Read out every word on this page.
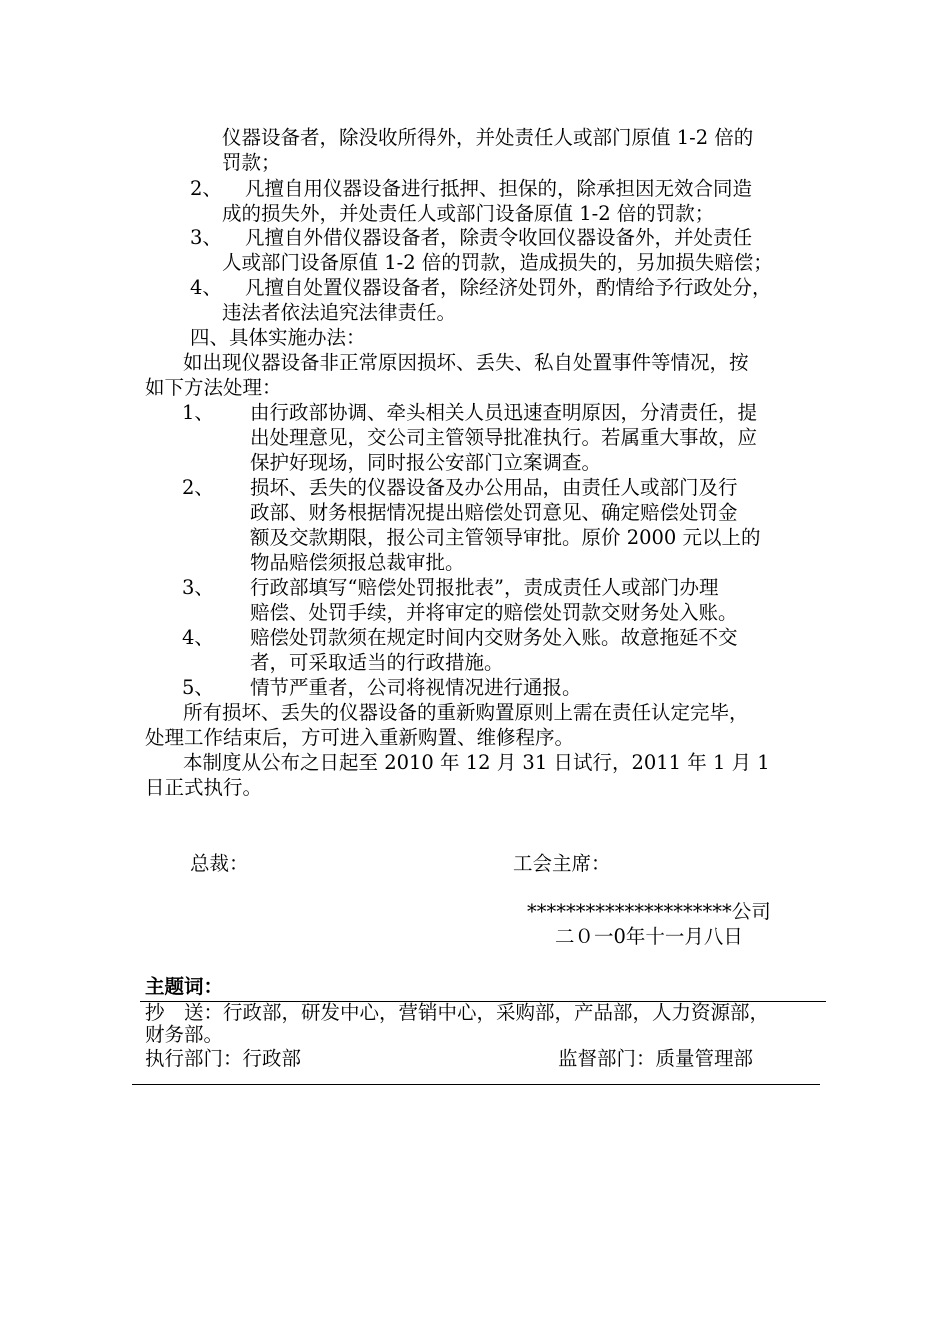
仪器设备者，除没收所得外，并处责任人或部门原值 1-2 倍的
罚款；
2、 凡擅自用仪器设备进行抵押、担保的，除承担因无效合同造
成的损失外，并处责任人或部门设备原值 1-2 倍的罚款；
3、 凡擅自外借仪器设备者，除责令收回仪器设备外，并处责任
人或部门设备原值 1-2 倍的罚款，造成损失的，另加损失赔偿；
4、 凡擅自处置仪器设备者，除经济处罚外，酌情给予行政处分，
违法者依法追究法律责任。
四、具体实施办法：
如出现仪器设备非正常原因损坏、丢失、私自处置事件等情况，按
如下方法处理：
1、 由行政部协调、牵头相关人员迅速查明原因，分清责任，提
出处理意见，交公司主管领导批准执行。若属重大事故，应
保护好现场，同时报公安部门立案调查。
2、 损坏、丢失的仪器设备及办公用品，由责任人或部门及行
政部、财务根据情况提出赔偿处罚意见、确定赔偿处罚金
额及交款期限，报公司主管领导审批。原价 2000 元以上的
物品赔偿须报总裁审批。
3、 行政部填写“赔偿处罚报批表”，责成责任人或部门办理
赔偿、处罚手续，并将审定的赔偿处罚款交财务处入账。
4、 赔偿处罚款须在规定时间内交财务处入账。故意拖延不交
者，可采取适当的行政措施。
5、 情节严重者，公司将视情况进行通报。
所有损坏、丢失的仪器设备的重新购置原则上需在责任认定完毕，
处理工作结束后，方可进入重新购置、维修程序。
本制度从公布之日起至 2010 年 12 月 31 日试行，2011 年 1 月 1
日正式执行。
总裁：	工会主席：
*********************公司
二０一0年十一月八日
主题词：
抄　送：行政部，研发中心，营销中心，采购部，产品部，人力资源部，
财务部。
执行部门：行政部	监督部门：质量管理部
